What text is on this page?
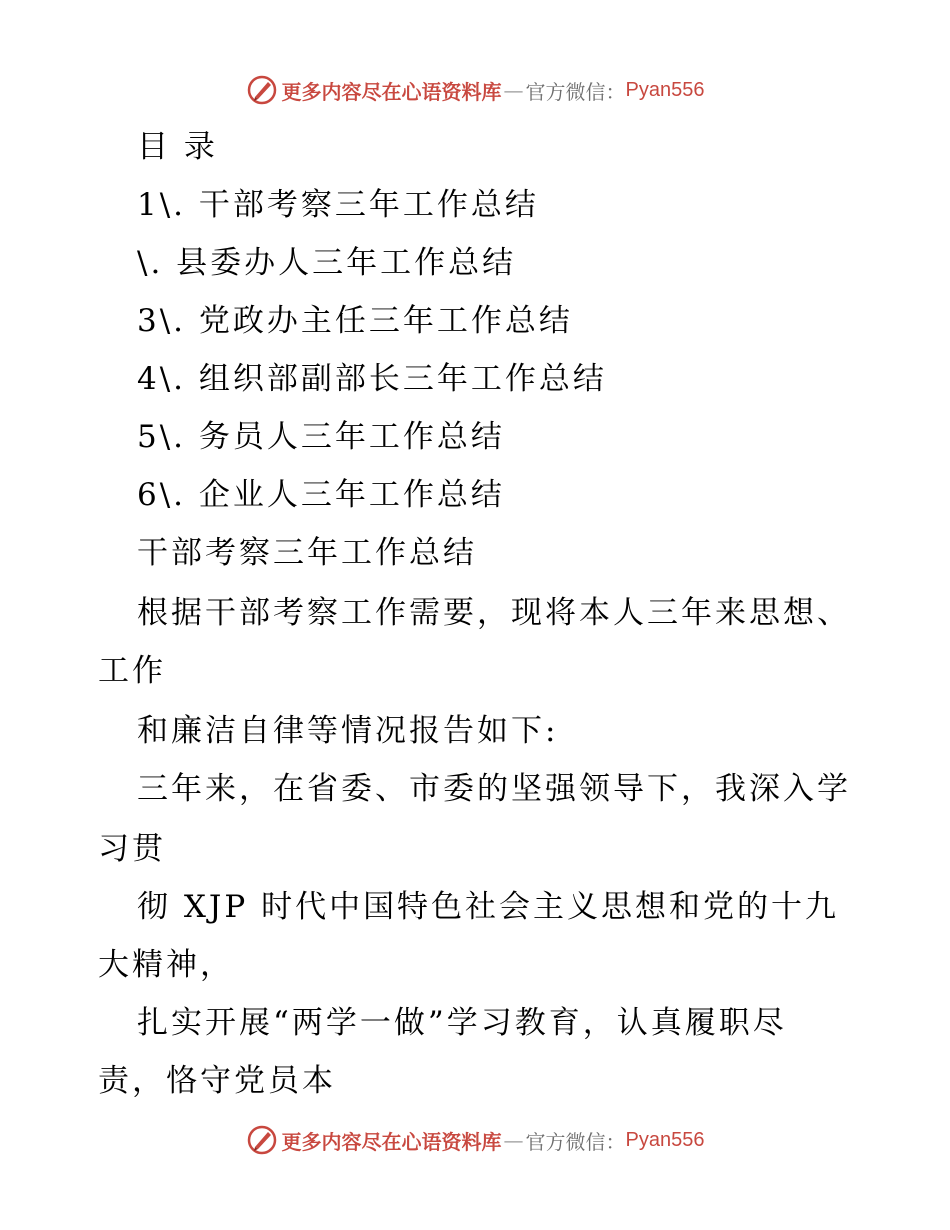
更多内容尽在心语资料库 — 官方微信： Pyan556
目 录
1\. 干部考察三年工作总结
\. 县委办人三年工作总结
3\. 党政办主任三年工作总结
4\. 组织部副部长三年工作总结
5\. 务员人三年工作总结
6\. 企业人三年工作总结
干部考察三年工作总结
根据干部考察工作需要，现将本人三年来思想、
工作
和廉洁自律等情况报告如下:
三年来，在省委、市委的坚强领导下，我深入学
习贯
彻 XJP 时代中国特色社会主义思想和党的十九
大精神，
扎实开展“两学一做”学习教育，认真履职尽
责，恪守党员本
更多内容尽在心语资料库 — 官方微信： Pyan556
